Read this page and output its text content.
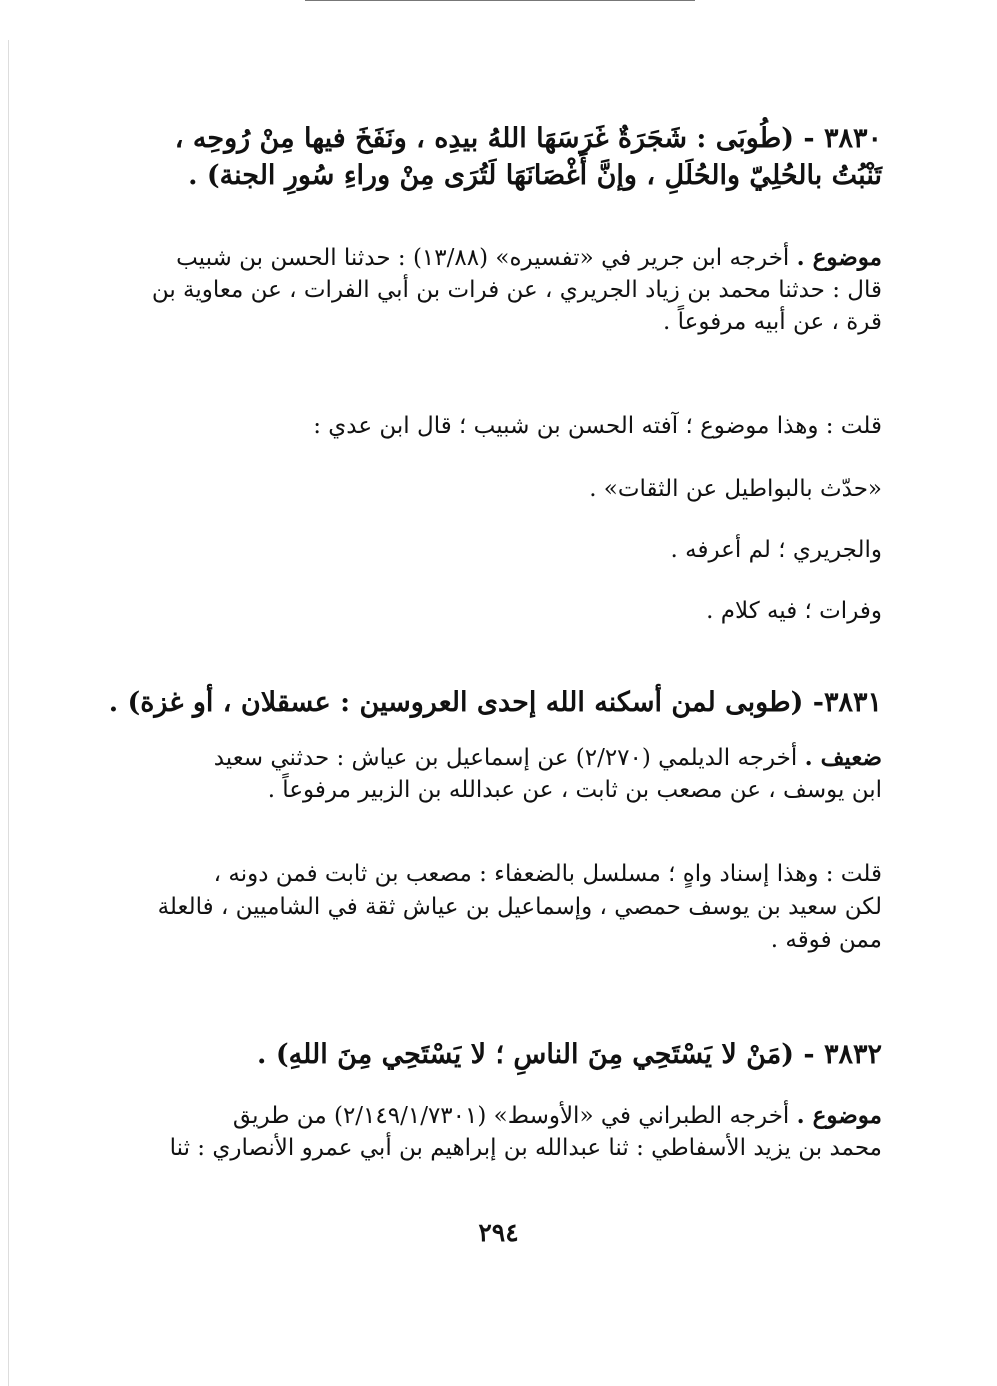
٣٨٣٠ - (طُوبَى : شَجَرَةٌ غَرَسَهَا اللهُ بيدِه ، ونَفَخَ فيها مِنْ رُوحِه ،
تَنْبُتُ بالحُلِيّ والحُلَلِ ، وإنَّ أَغْصَانَهَا لَتُرَى مِنْ وراءِ سُورِ الجنة) .
موضوع . أخرجه ابن جرير في «تفسيره» (١٣/٨٨) : حدثنا الحسن بن شبيب
قال : حدثنا محمد بن زياد الجريري ، عن فرات بن أبي الفرات ، عن معاوية بن
قرة ، عن أبيه مرفوعاً .
قلت : وهذا موضوع ؛ آفته الحسن بن شبيب ؛ قال ابن عدي :
«حدّث بالبواطيل عن الثقات» .
والجريري ؛ لم أعرفه .
وفرات ؛ فيه كلام .
٣٨٣١- (طوبى لمن أسكنه الله إحدى العروسين : عسقلان ، أو غزة) .
ضعيف . أخرجه الديلمي (٢/٢٧٠) عن إسماعيل بن عياش : حدثني سعيد
ابن يوسف ، عن مصعب بن ثابت ، عن عبدالله بن الزبير مرفوعاً .
قلت : وهذا إسناد واهٍ ؛ مسلسل بالضعفاء : مصعب بن ثابت فمن دونه ،
لكن سعيد بن يوسف حمصي ، وإسماعيل بن عياش ثقة في الشاميين ، فالعلة
ممن فوقه .
٣٨٣٢ - (مَنْ لا يَسْتَحِي مِنَ الناسِ ؛ لا يَسْتَحِي مِنَ اللهِ) .
موضوع . أخرجه الطبراني في «الأوسط» (٢/١٤٩/١/٧٣٠١) من طريق
محمد بن يزيد الأسفاطي : ثنا عبدالله بن إبراهيم بن أبي عمرو الأنصاري : ثنا
٢٩٤
